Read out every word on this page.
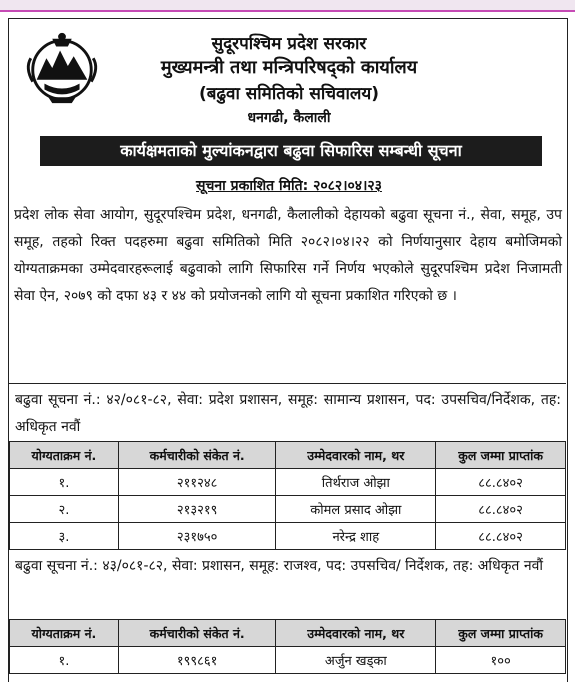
सुदूरपश्चिम प्रदेश सरकार
मुख्यमन्त्री तथा मन्त्रिपरिषद्को कार्यालय
(बढुवा समितिको सचिवालय)
धनगढी, कैलाली
कार्यक्षमताको मुल्यांकनद्वारा बढुवा सिफारिस सम्बन्धी सूचना
सूचना प्रकाशित मिति: २०८२।०४।२३
प्रदेश लोक सेवा आयोग, सुदूरपश्चिम प्रदेश, धनगढी, कैलालीको देहायको बढुवा सूचना नं., सेवा, समूह, उप समूह, तहको रिक्त पदहरुमा बढुवा समितिको मिति २०८२।०४।२२ को निर्णयानुसार देहाय बमोजिमको योग्यताक्रमका उम्मेदवारहरूलाई बढुवाको लागि सिफारिस गर्ने निर्णय भएकोले सुदूरपश्चिम प्रदेश निजामती सेवा ऐन, २०७९ को दफा ४३ र ४४ को प्रयोजनको लागि यो सूचना प्रकाशित गरिएको छ ।
बढुवा सूचना नं.: ४२/०८१-८२, सेवा: प्रदेश प्रशासन, समूह: सामान्य प्रशासन, पद: उपसचिव/निर्देशक, तह: अधिकृत नवौं
योग्यताक्रम नं.	कर्मचारीको संकेत नं.	उम्मेदवारको नाम, थर	कुल जम्मा प्राप्तांक
१.	२११२४८	तिर्थराज ओझा	८८.८४०२
२.	२१३२१९	कोमल प्रसाद ओझा	८८.८४०२
३.	२३१७५०	नरेन्द्र शाह	८८.८४०२
बढुवा सूचना नं.: ४३/०८१-८२, सेवा: प्रशासन, समूह: राजश्व, पद: उपसचिव/ निर्देशक, तह: अधिकृत नवौं
योग्यताक्रम नं.	कर्मचारीको संकेत नं.	उम्मेदवारको नाम, थर	कुल जम्मा प्राप्तांक
१.	१९९८६१	अर्जुन खड्का	१००
